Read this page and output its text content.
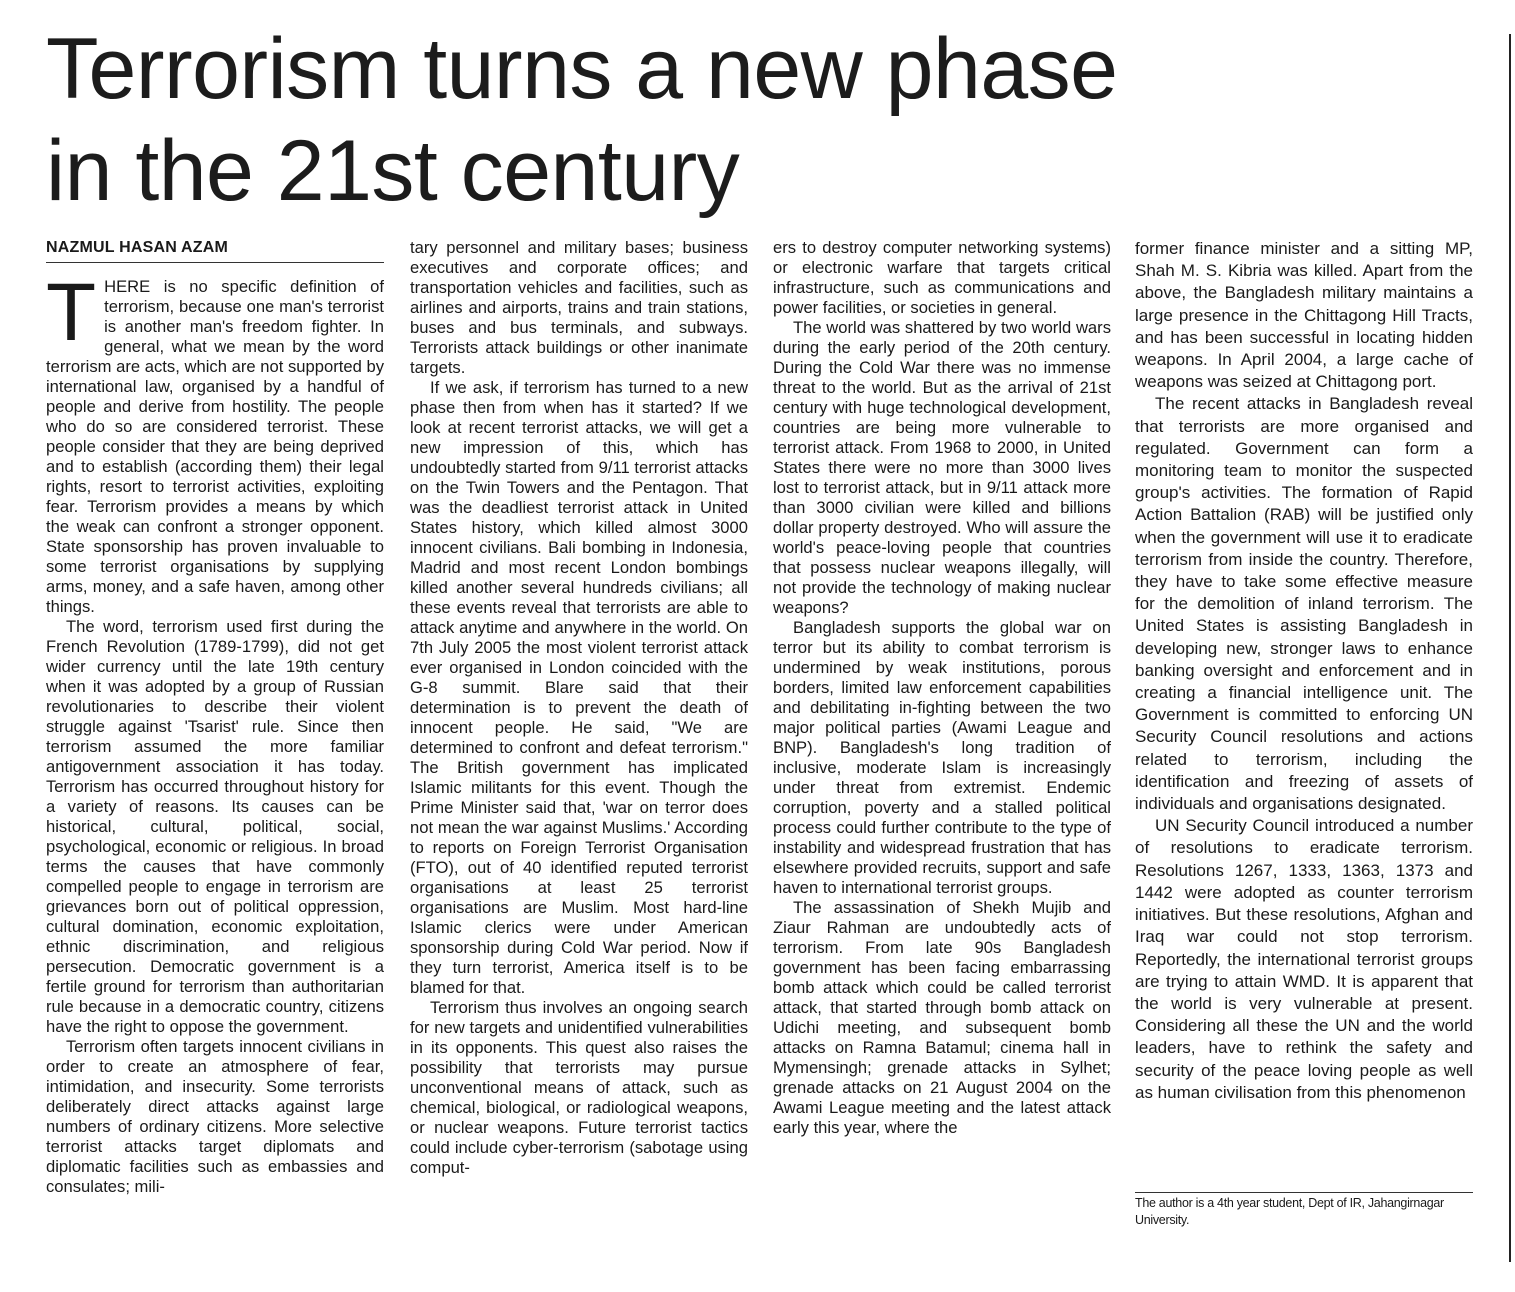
Terrorism turns a new phase
in the 21st century
NAZMUL HASAN AZAM

THERE is no specific definition of terrorism, because one man's terrorist is another man's freedom fighter. In general, what we mean by the word terrorism are acts, which are not supported by international law, organised by a handful of people and derive from hostility. The people who do so are considered terrorist. These people consider that they are being deprived and to establish (according them) their legal rights, resort to terrorist activities, exploiting fear. Terrorism provides a means by which the weak can confront a stronger opponent. State sponsorship has proven invaluable to some terrorist organisations by supplying arms, money, and a safe haven, among other things.

The word, terrorism used first during the French Revolution (1789-1799), did not get wider currency until the late 19th century when it was adopted by a group of Russian revolutionaries to describe their violent struggle against 'Tsarist' rule. Since then terrorism assumed the more familiar antigovernment association it has today. Terrorism has occurred throughout history for a variety of reasons. Its causes can be historical, cultural, political, social, psychological, economic or religious. In broad terms the causes that have commonly compelled people to engage in terrorism are grievances born out of political oppression, cultural domination, economic exploitation, ethnic discrimination, and religious persecution. Democratic government is a fertile ground for terrorism than authoritarian rule because in a democratic country, citizens have the right to oppose the government.

Terrorism often targets innocent civilians in order to create an atmosphere of fear, intimidation, and insecurity. Some terrorists deliberately direct attacks against large numbers of ordinary citizens. More selective terrorist attacks target diplomats and diplomatic facilities such as embassies and consulates; mili-

tary personnel and military bases; business executives and corporate offices; and transportation vehicles and facilities, such as airlines and airports, trains and train stations, buses and bus terminals, and subways. Terrorists attack buildings or other inanimate targets.

If we ask, if terrorism has turned to a new phase then from when has it started? If we look at recent terrorist attacks, we will get a new impression of this, which has undoubtedly started from 9/11 terrorist attacks on the Twin Towers and the Pentagon. That was the deadliest terrorist attack in United States history, which killed almost 3000 innocent civilians. Bali bombing in Indonesia, Madrid and most recent London bombings killed another several hundreds civilians; all these events reveal that terrorists are able to attack anytime and anywhere in the world. On 7th July 2005 the most violent terrorist attack ever organised in London coincided with the G-8 summit. Blare said that their determination is to prevent the death of innocent people. He said, "We are determined to confront and defeat terrorism." The British government has implicated Islamic militants for this event. Though the Prime Minister said that, 'war on terror does not mean the war against Muslims.' According to reports on Foreign Terrorist Organisation (FTO), out of 40 identified reputed terrorist organisations at least 25 terrorist organisations are Muslim. Most hard-line Islamic clerics were under American sponsorship during Cold War period. Now if they turn terrorist, America itself is to be blamed for that.

Terrorism thus involves an ongoing search for new targets and unidentified vulnerabilities in its opponents. This quest also raises the possibility that terrorists may pursue unconventional means of attack, such as chemical, biological, or radiological weapons, or nuclear weapons. Future terrorist tactics could include cyber-terrorism (sabotage using comput-

ers to destroy computer networking systems) or electronic warfare that targets critical infrastructure, such as communications and power facilities, or societies in general.

The world was shattered by two world wars during the early period of the 20th century. During the Cold War there was no immense threat to the world. But as the arrival of 21st century with huge technological development, countries are being more vulnerable to terrorist attack. From 1968 to 2000, in United States there were no more than 3000 lives lost to terrorist attack, but in 9/11 attack more than 3000 civilian were killed and billions dollar property destroyed. Who will assure the world's peace-loving people that countries that possess nuclear weapons illegally, will not provide the technology of making nuclear weapons?

Bangladesh supports the global war on terror but its ability to combat terrorism is undermined by weak institutions, porous borders, limited law enforcement capabilities and debilitating in-fighting between the two major political parties (Awami League and BNP). Bangladesh's long tradition of inclusive, moderate Islam is increasingly under threat from extremist. Endemic corruption, poverty and a stalled political process could further contribute to the type of instability and widespread frustration that has elsewhere provided recruits, support and safe haven to international terrorist groups.

The assassination of Shekh Mujib and Ziaur Rahman are undoubtedly acts of terrorism. From late 90s Bangladesh government has been facing embarrassing bomb attack which could be called terrorist attack, that started through bomb attack on Udichi meeting, and subsequent bomb attacks on Ramna Batamul; cinema hall in Mymensingh; grenade attacks in Sylhet; grenade attacks on 21 August 2004 on the Awami League meeting and the latest attack early this year, where the

former finance minister and a sitting MP, Shah M. S. Kibria was killed. Apart from the above, the Bangladesh military maintains a large presence in the Chittagong Hill Tracts, and has been successful in locating hidden weapons. In April 2004, a large cache of weapons was seized at Chittagong port.

The recent attacks in Bangladesh reveal that terrorists are more organised and regulated. Government can form a monitoring team to monitor the suspected group's activities. The formation of Rapid Action Battalion (RAB) will be justified only when the government will use it to eradicate terrorism from inside the country. Therefore, they have to take some effective measure for the demolition of inland terrorism. The United States is assisting Bangladesh in developing new, stronger laws to enhance banking oversight and enforcement and in creating a financial intelligence unit. The Government is committed to enforcing UN Security Council resolutions and actions related to terrorism, including the identification and freezing of assets of individuals and organisations designated.

UN Security Council introduced a number of resolutions to eradicate terrorism. Resolutions 1267, 1333, 1363, 1373 and 1442 were adopted as counter terrorism initiatives. But these resolutions, Afghan and Iraq war could not stop terrorism. Reportedly, the international terrorist groups are trying to attain WMD. It is apparent that the world is very vulnerable at present. Considering all these the UN and the world leaders, have to rethink the safety and security of the peace loving people as well as human civilisation from this phenomenon

The author is a 4th year student, Dept of IR, Jahangirnagar University.
